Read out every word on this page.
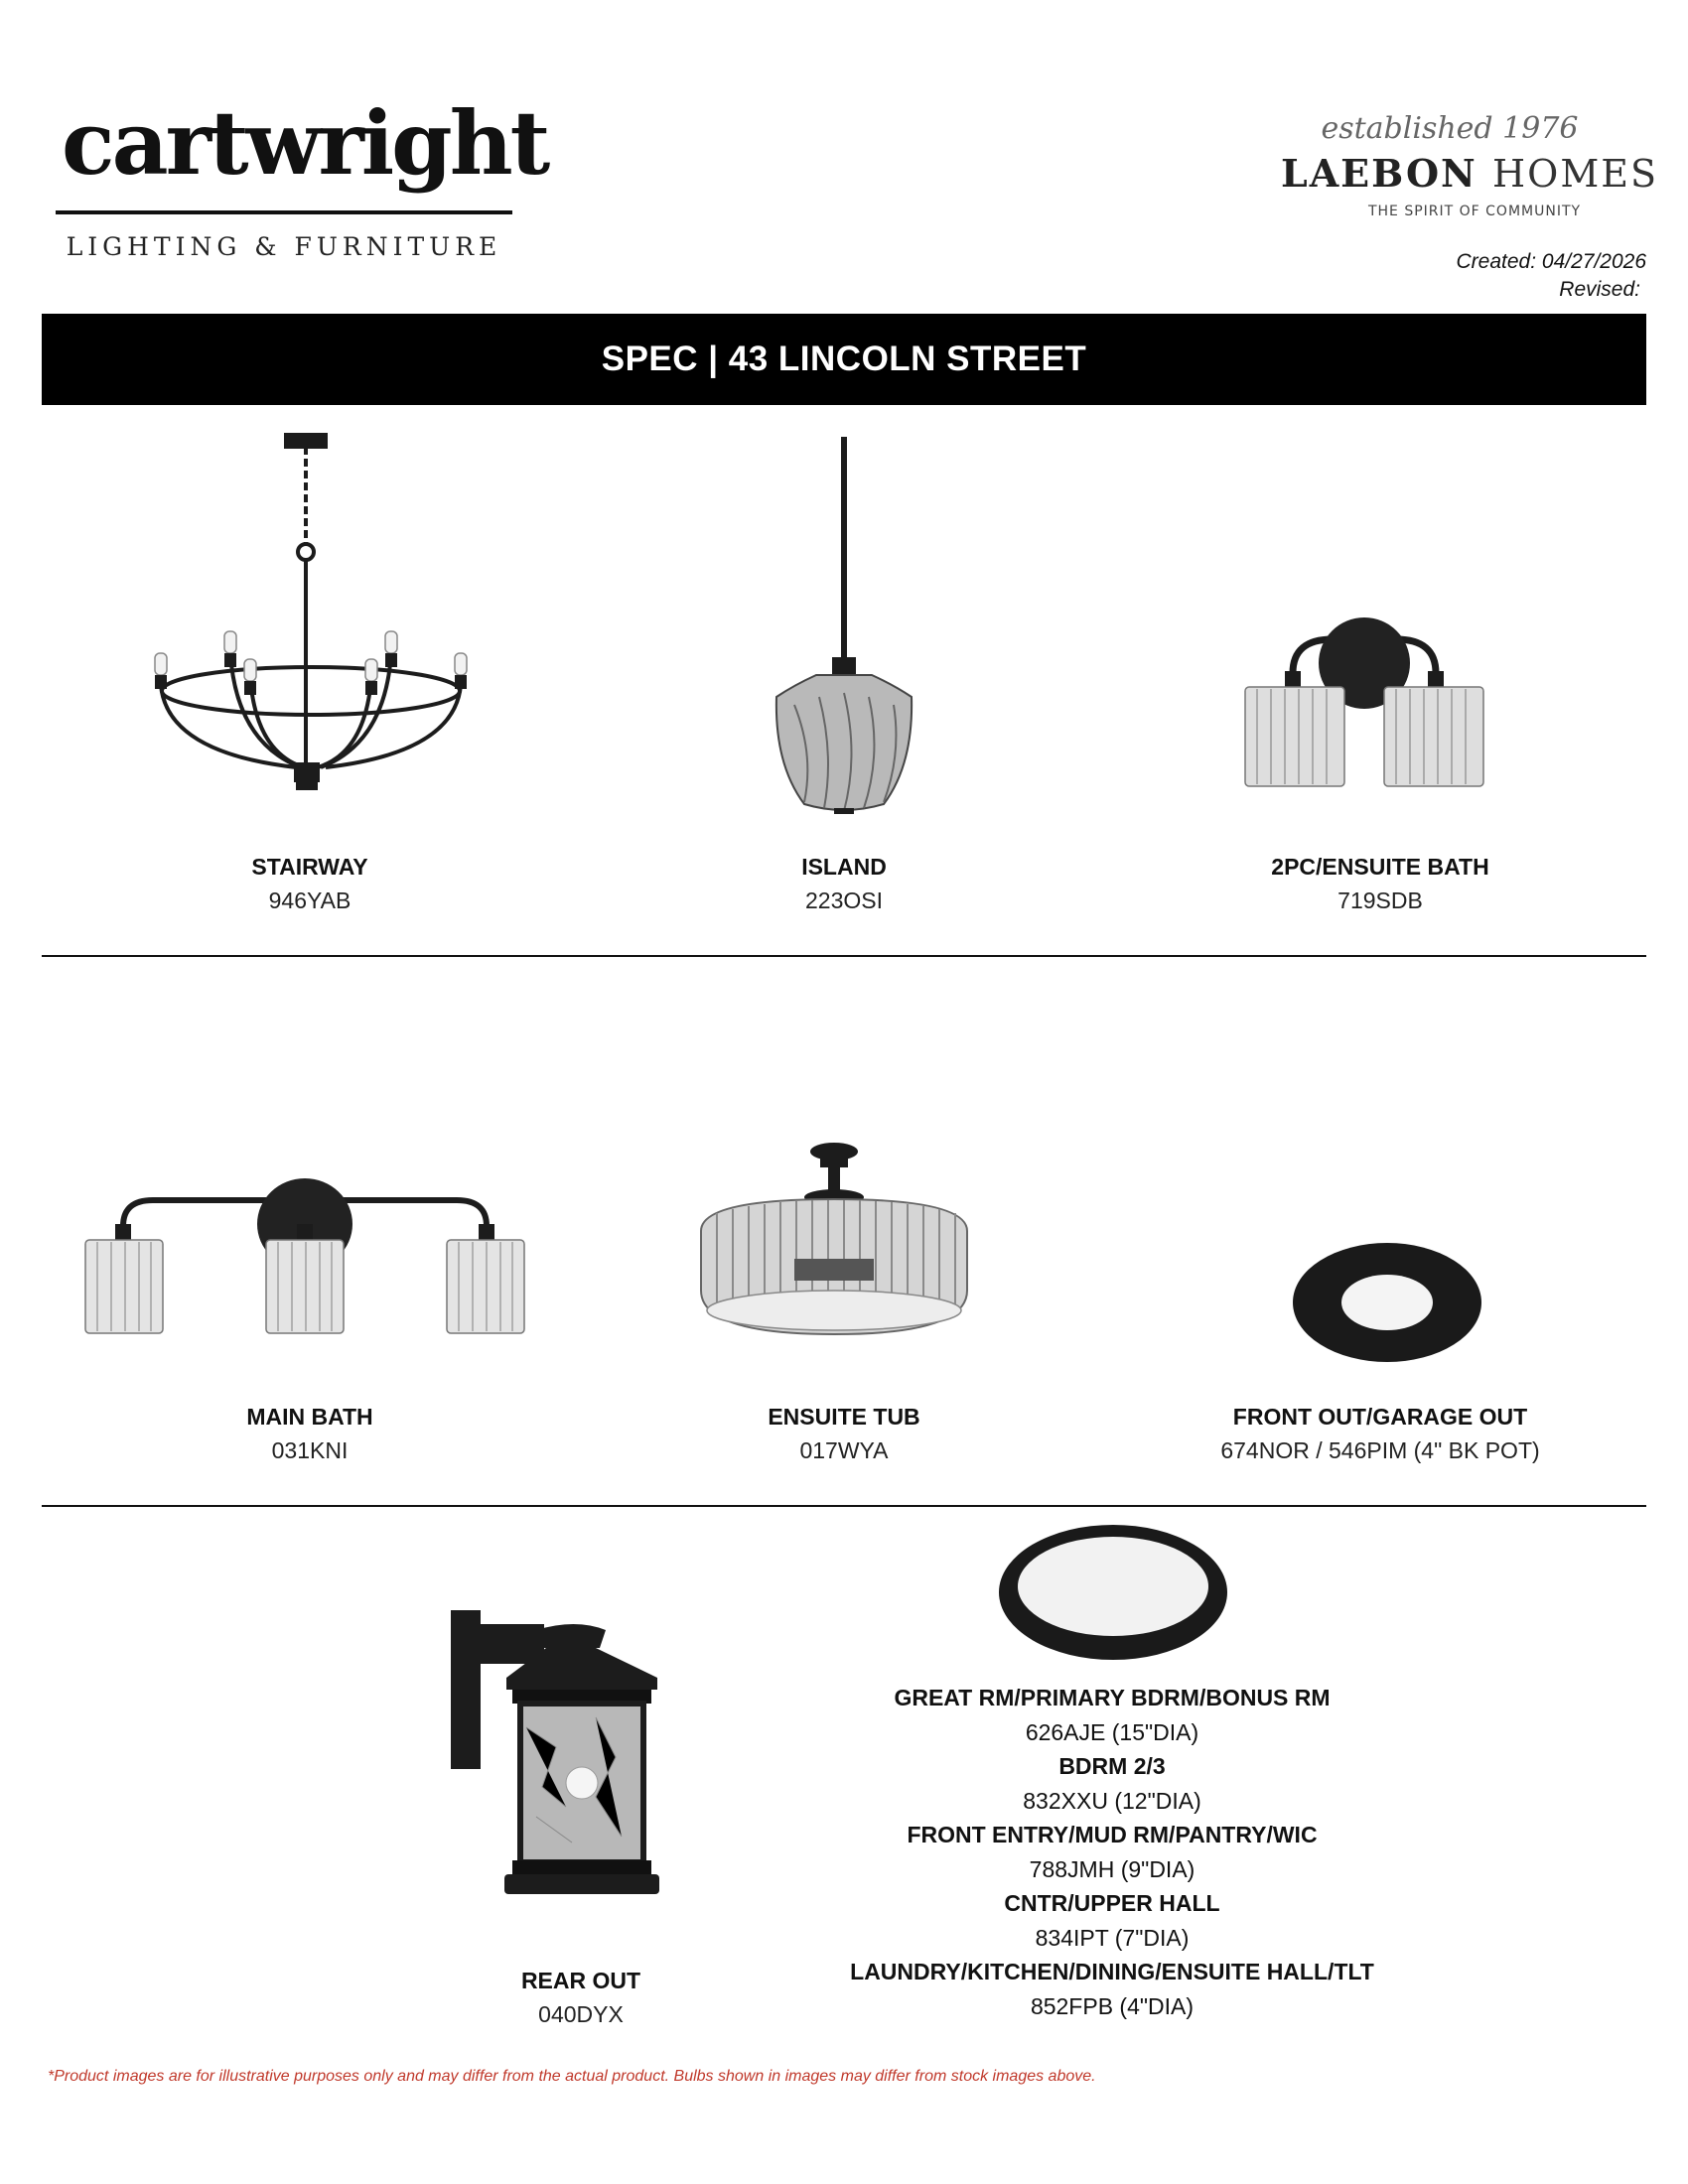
cartwright
LIGHTING & FURNITURE
established 1976
LAEBON HOMES
THE SPIRIT OF COMMUNITY
Created: 04/27/2026
Revised:
SPEC | 43 LINCOLN STREET
STAIRWAY
946YAB
ISLAND
223OSI
2PC/ENSUITE BATH
719SDB
MAIN BATH
031KNI
ENSUITE TUB
017WYA
FRONT OUT/GARAGE OUT
674NOR / 546PIM (4" BK POT)
REAR OUT
040DYX
GREAT RM/PRIMARY BDRM/BONUS RM
626AJE (15"DIA)
BDRM 2/3
832XXU (12"DIA)
FRONT ENTRY/MUD RM/PANTRY/WIC
788JMH (9"DIA)
CNTR/UPPER HALL
834IPT (7"DIA)
LAUNDRY/KITCHEN/DINING/ENSUITE HALL/TLT
852FPB (4"DIA)
*Product images are for illustrative purposes only and may differ from the actual product. Bulbs shown in images may differ from stock images above.
